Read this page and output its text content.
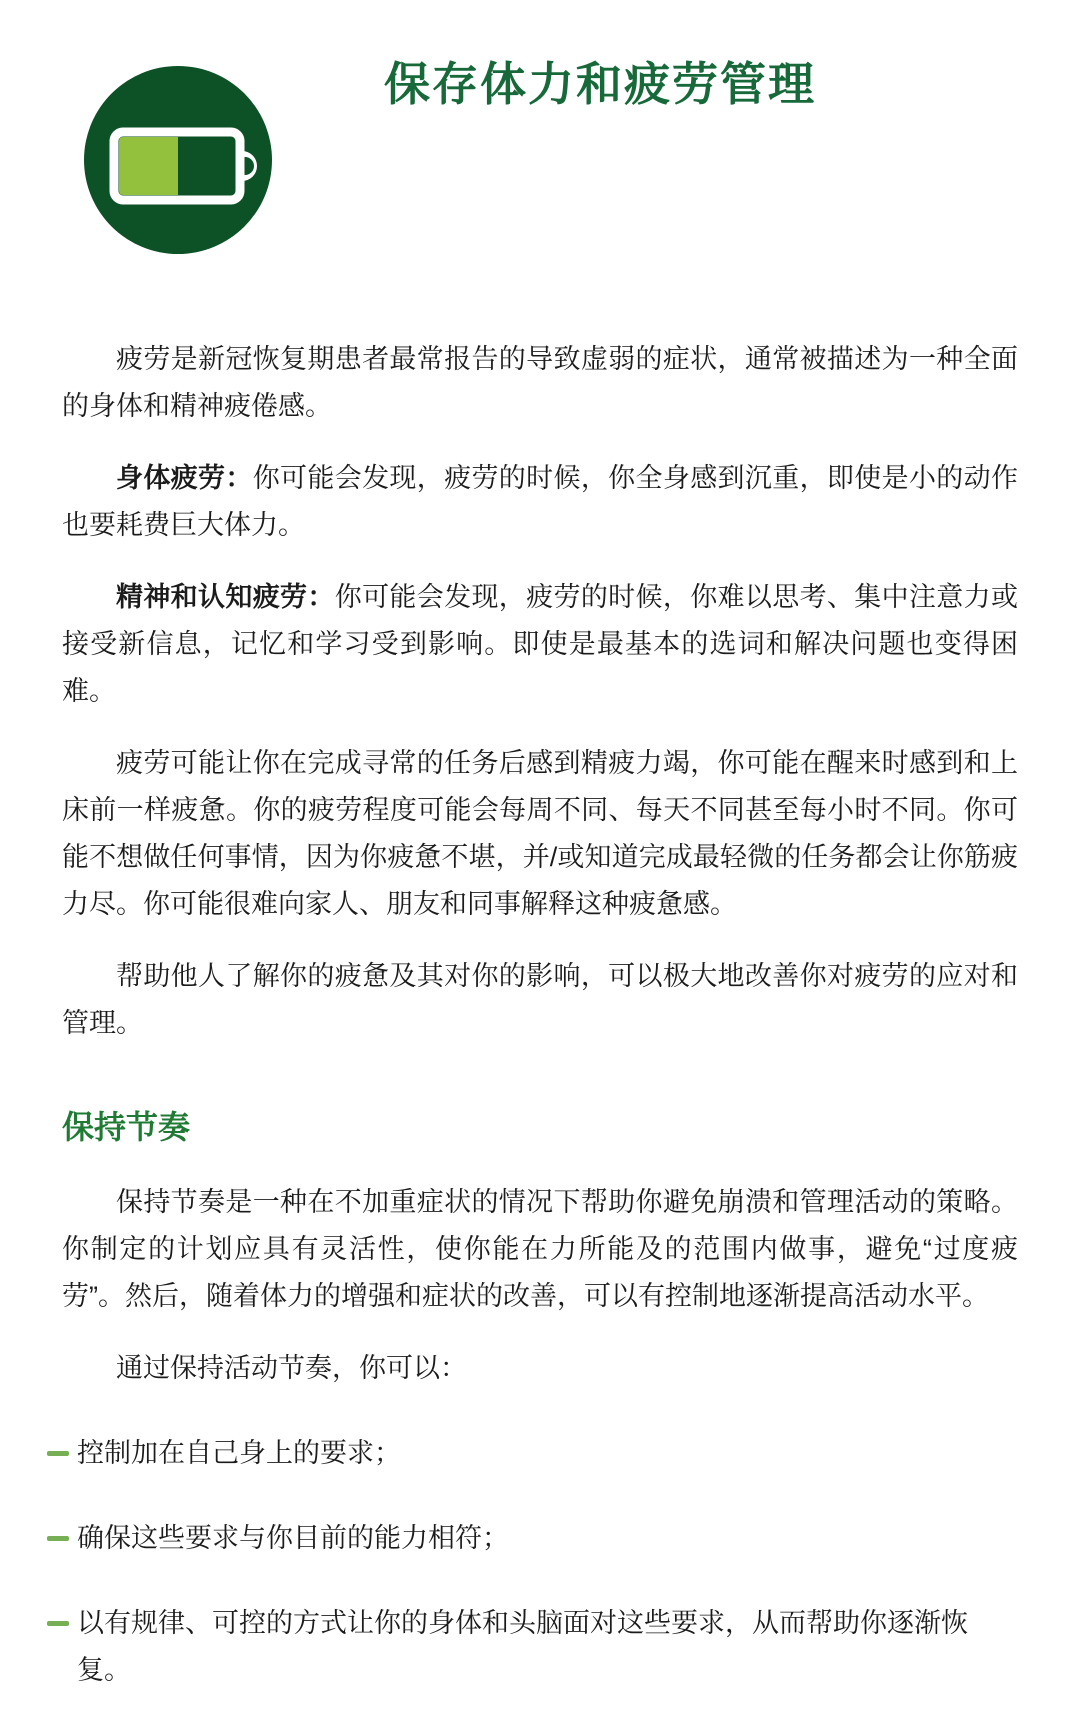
保存体力和疲劳管理

疲劳是新冠恢复期患者最常报告的导致虚弱的症状，通常被描述为一种全面的身体和精神疲倦感。

身体疲劳：你可能会发现，疲劳的时候，你全身感到沉重，即使是小的动作也要耗费巨大体力。

精神和认知疲劳：你可能会发现，疲劳的时候，你难以思考、集中注意力或接受新信息，记忆和学习受到影响。即使是最基本的选词和解决问题也变得困难。

疲劳可能让你在完成寻常的任务后感到精疲力竭，你可能在醒来时感到和上床前一样疲惫。你的疲劳程度可能会每周不同、每天不同甚至每小时不同。你可能不想做任何事情，因为你疲惫不堪，并/或知道完成最轻微的任务都会让你筋疲力尽。你可能很难向家人、朋友和同事解释这种疲惫感。

帮助他人了解你的疲惫及其对你的影响，可以极大地改善你对疲劳的应对和管理。

保持节奏

保持节奏是一种在不加重症状的情况下帮助你避免崩溃和管理活动的策略。你制定的计划应具有灵活性，使你能在力所能及的范围内做事，避免“过度疲劳”。然后，随着体力的增强和症状的改善，可以有控制地逐渐提高活动水平。

通过保持活动节奏，你可以：

控制加在自己身上的要求；
确保这些要求与你目前的能力相符；
以有规律、可控的方式让你的身体和头脑面对这些要求，从而帮助你逐渐恢复。
